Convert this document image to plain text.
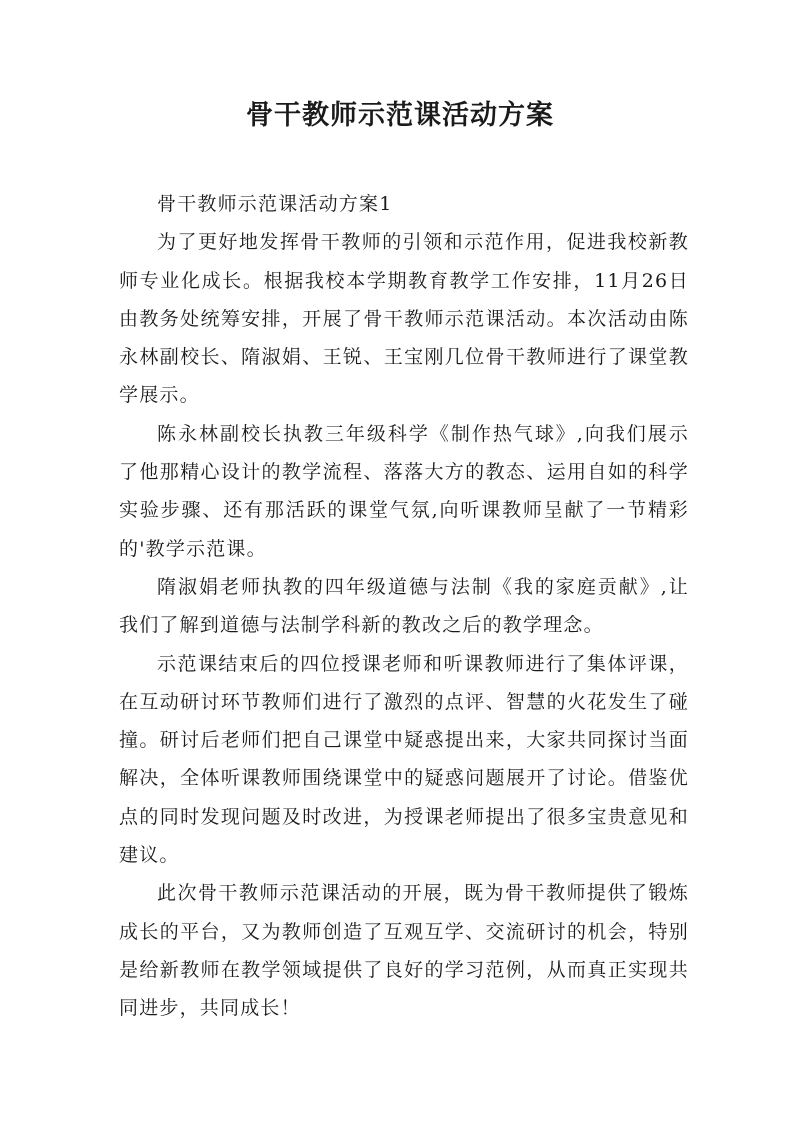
骨干教师示范课活动方案

骨干教师示范课活动方案1

为了更好地发挥骨干教师的引领和示范作用，促进我校新教师专业化成长。根据我校本学期教育教学工作安排，11月26日由教务处统筹安排，开展了骨干教师示范课活动。本次活动由陈永林副校长、隋淑娟、王锐、王宝刚几位骨干教师进行了课堂教学展示。

陈永林副校长执教三年级科学《制作热气球》,向我们展示了他那精心设计的教学流程、落落大方的教态、运用自如的科学实验步骤、还有那活跃的课堂气氛,向听课教师呈献了一节精彩的'教学示范课。

隋淑娟老师执教的四年级道德与法制《我的家庭贡献》,让我们了解到道德与法制学科新的教改之后的教学理念。

示范课结束后的四位授课老师和听课教师进行了集体评课，在互动研讨环节教师们进行了激烈的点评、智慧的火花发生了碰撞。研讨后老师们把自己课堂中疑惑提出来，大家共同探讨当面解决，全体听课教师围绕课堂中的疑惑问题展开了讨论。借鉴优点的同时发现问题及时改进，为授课老师提出了很多宝贵意见和建议。

此次骨干教师示范课活动的开展，既为骨干教师提供了锻炼成长的平台，又为教师创造了互观互学、交流研讨的机会，特别是给新教师在教学领域提供了良好的学习范例，从而真正实现共同进步，共同成长！
